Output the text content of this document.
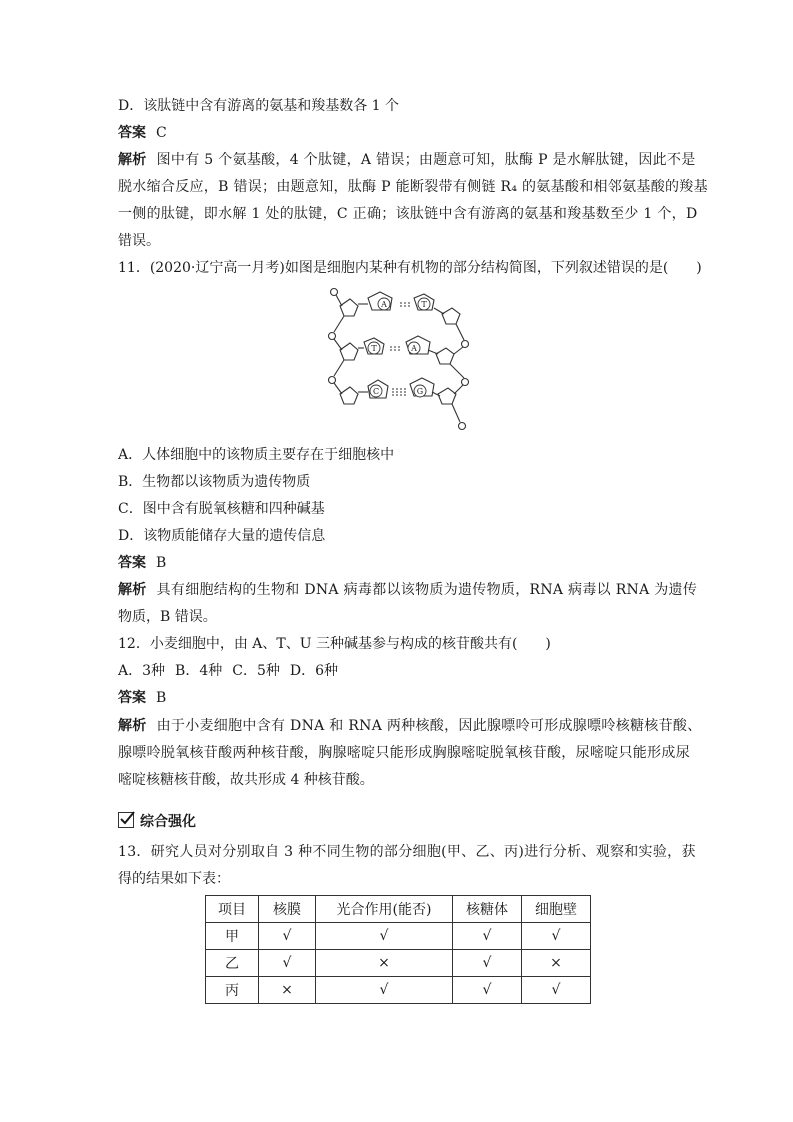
D．该肽链中含有游离的氨基和羧基数各 1 个
答案 C
解析 图中有 5 个氨基酸，4 个肽键，A 错误；由题意可知，肽酶 P 是水解肽键，因此不是
脱水缩合反应，B 错误；由题意知，肽酶 P 能断裂带有侧链 R₄ 的氨基酸和相邻氨基酸的羧基
一侧的肽键，即水解 1 处的肽键，C 正确；该肽链中含有游离的氨基和羧基数至少 1 个，D
错误。
11．(2020·辽宁高一月考)如图是细胞内某种有机物的部分结构简图，下列叙述错误的是(　　)
A	T
T	A
C	G
A．人体细胞中的该物质主要存在于细胞核中
B．生物都以该物质为遗传物质
C．图中含有脱氧核糖和四种碱基
D．该物质能储存大量的遗传信息
答案 B
解析 具有细胞结构的生物和 DNA 病毒都以该物质为遗传物质，RNA 病毒以 RNA 为遗传
物质，B 错误。
12．小麦细胞中，由 A、T、U 三种碱基参与构成的核苷酸共有(　　)
A．3种 B．4种 C．5种 D．6种
答案 B
解析 由于小麦细胞中含有 DNA 和 RNA 两种核酸，因此腺嘌呤可形成腺嘌呤核糖核苷酸、
腺嘌呤脱氧核苷酸两种核苷酸，胸腺嘧啶只能形成胸腺嘧啶脱氧核苷酸，尿嘧啶只能形成尿
嘧啶核糖核苷酸，故共形成 4 种核苷酸。
综合强化
13．研究人员对分别取自 3 种不同生物的部分细胞(甲、乙、丙)进行分析、观察和实验，获
得的结果如下表：
项目	核膜	光合作用(能否)	核糖体	细胞壁
甲	√	√	√	√
乙	√	×	√	×
丙	×	√	√	√
